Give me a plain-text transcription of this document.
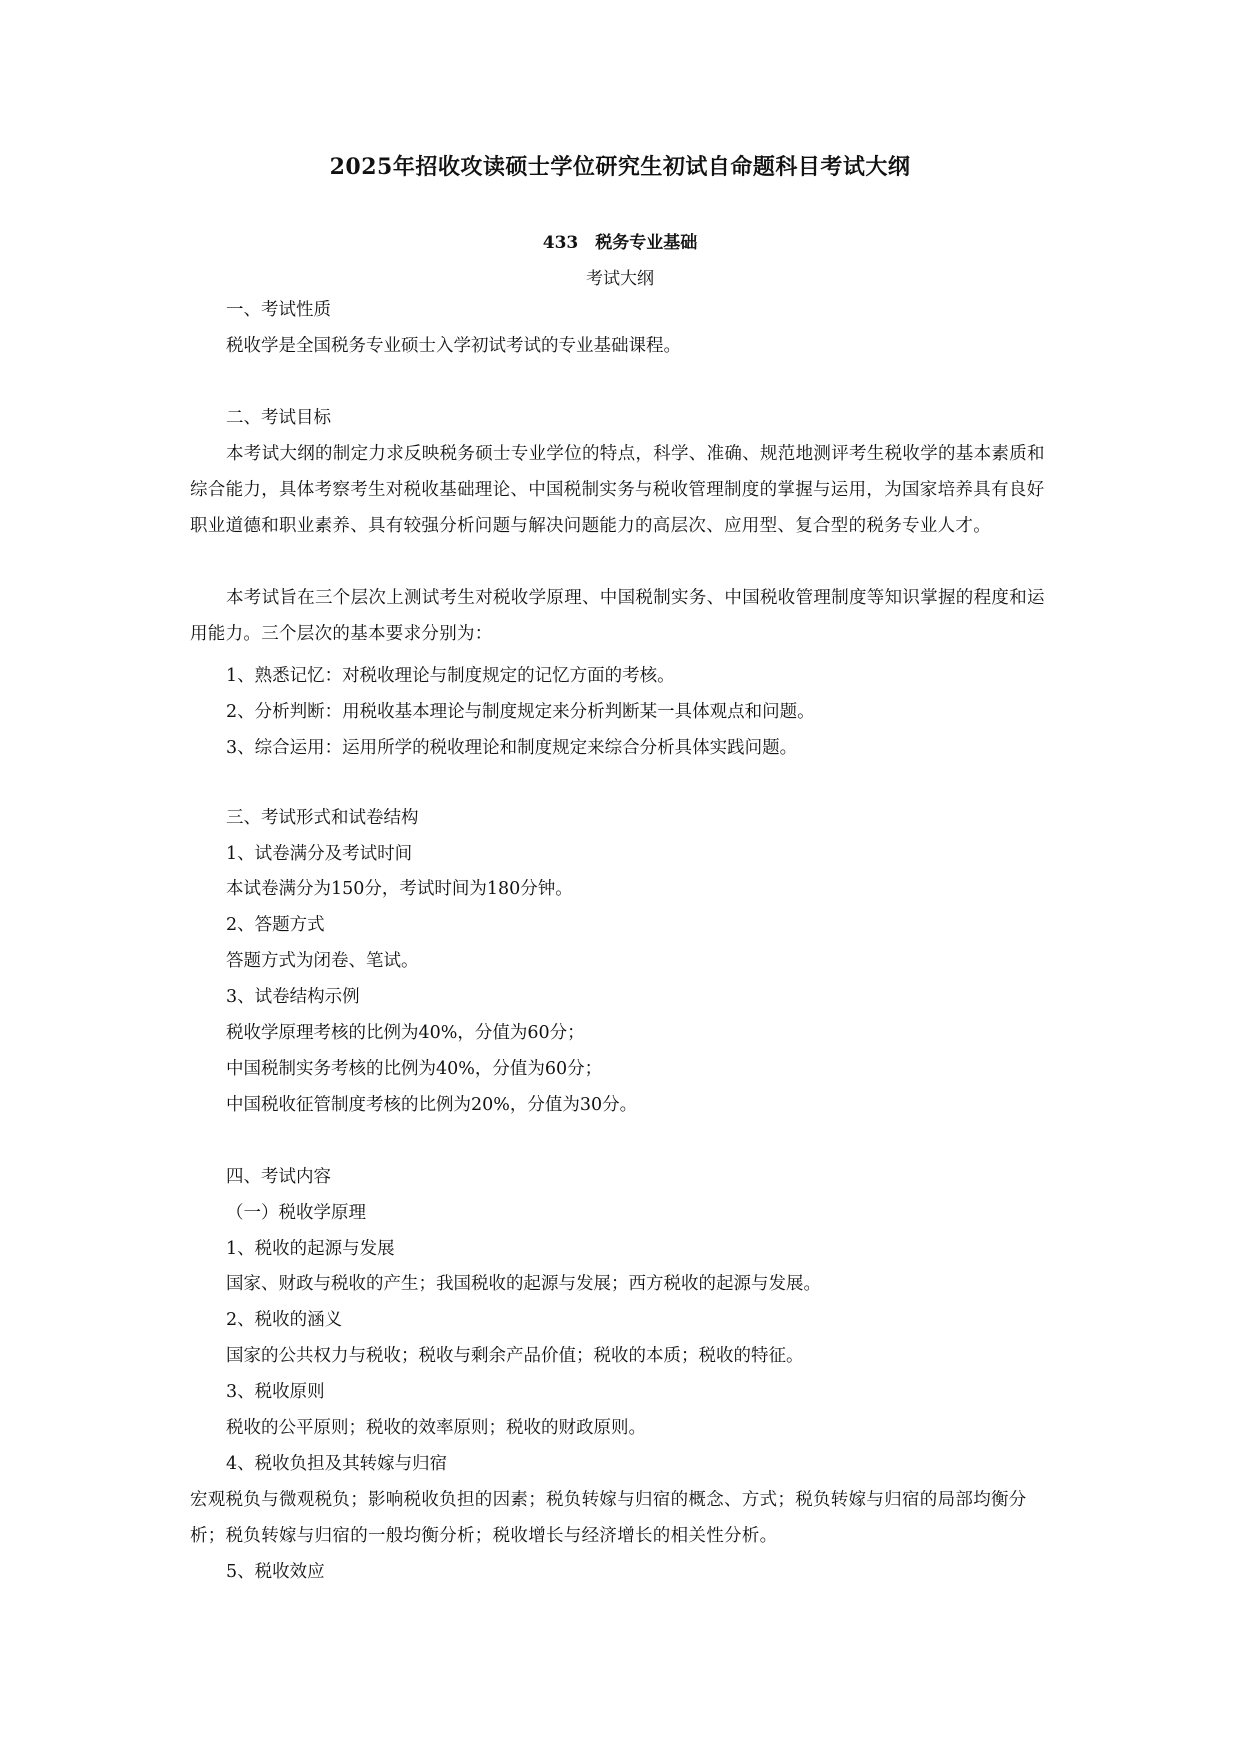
2025年招收攻读硕士学位研究生初试自命题科目考试大纲
433　税务专业基础
考试大纲
一、考试性质
税收学是全国税务专业硕士入学初试考试的专业基础课程。
二、考试目标
本考试大纲的制定力求反映税务硕士专业学位的特点，科学、准确、规范地测评考生税收学的基本素质和综合能力，具体考察考生对税收基础理论、中国税制实务与税收管理制度的掌握与运用，为国家培养具有良好职业道德和职业素养、具有较强分析问题与解决问题能力的高层次、应用型、复合型的税务专业人才。
本考试旨在三个层次上测试考生对税收学原理、中国税制实务、中国税收管理制度等知识掌握的程度和运用能力。三个层次的基本要求分别为：
1、熟悉记忆：对税收理论与制度规定的记忆方面的考核。
2、分析判断：用税收基本理论与制度规定来分析判断某一具体观点和问题。
3、综合运用：运用所学的税收理论和制度规定来综合分析具体实践问题。
三、考试形式和试卷结构
1、试卷满分及考试时间
本试卷满分为150分，考试时间为180分钟。
2、答题方式
答题方式为闭卷、笔试。
3、试卷结构示例
税收学原理考核的比例为40%，分值为60分；
中国税制实务考核的比例为40%，分值为60分；
中国税收征管制度考核的比例为20%，分值为30分。
四、考试内容
（一）税收学原理
1、税收的起源与发展
国家、财政与税收的产生；我国税收的起源与发展；西方税收的起源与发展。
2、税收的涵义
国家的公共权力与税收；税收与剩余产品价值；税收的本质；税收的特征。
3、税收原则
税收的公平原则；税收的效率原则；税收的财政原则。
4、税收负担及其转嫁与归宿
宏观税负与微观税负；影响税收负担的因素；税负转嫁与归宿的概念、方式；税负转嫁与归宿的局部均衡分析；税负转嫁与归宿的一般均衡分析；税收增长与经济增长的相关性分析。
5、税收效应
